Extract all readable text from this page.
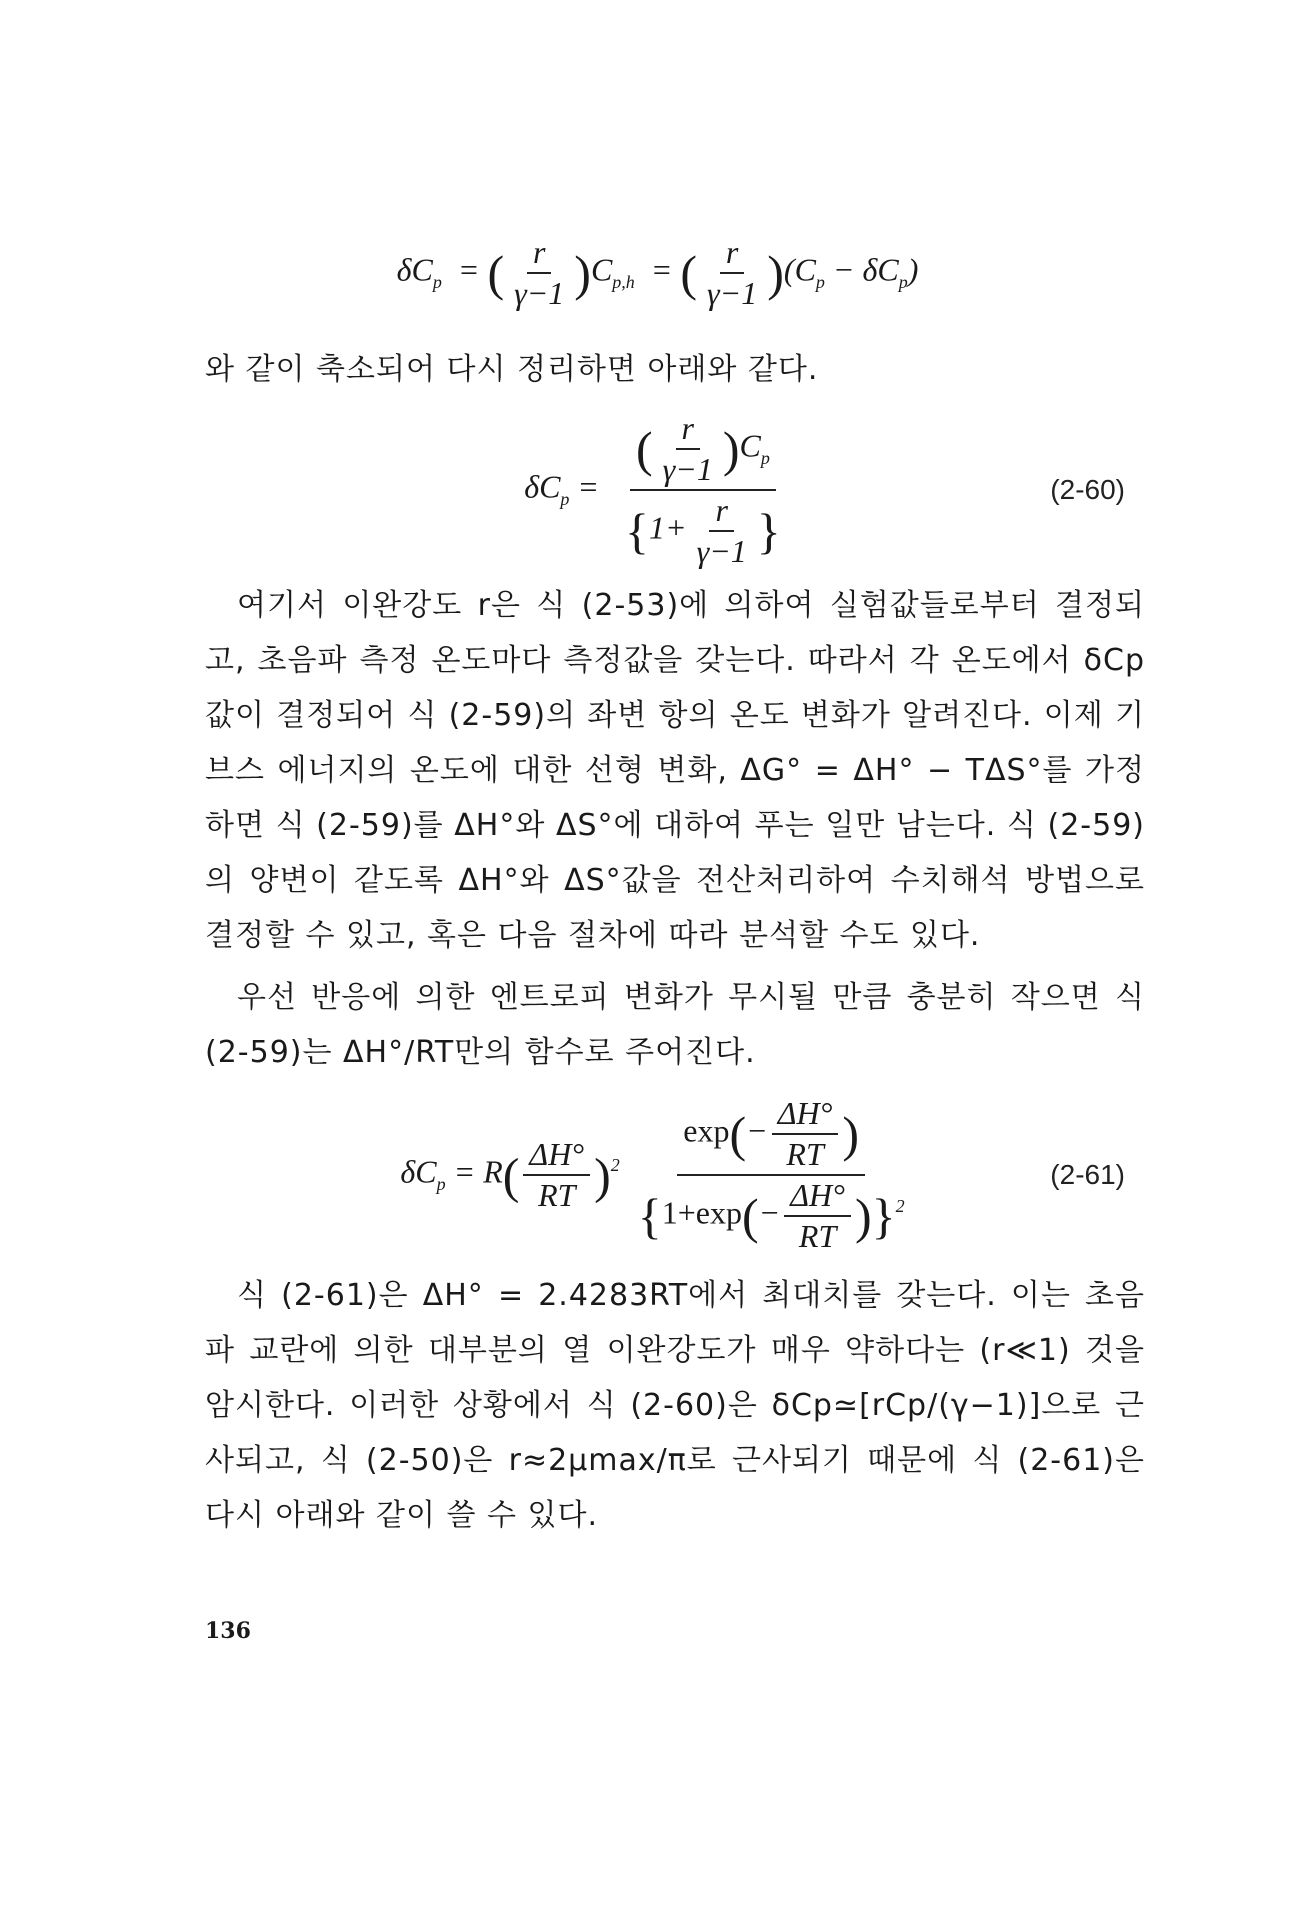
$\delta C_p$  = ( $\frac{r}{\gamma-1} )C_{p,h}$  = ( $\frac{r}{\gamma-1} )(C_p - \delta C_p)$

와 같이 축소되어 다시 정리하면 아래와 같다.

$\delta C_p = \frac{( \frac{r}{\gamma-1} )C_p}{\{1+ \frac{r}{\gamma-1} \}}$	(2-60)

여기서 이완강도 r은 식 (2-53)에 의하여 실험값들로부터 결정되고, 초음파 측정 온도마다 측정값을 갖는다. 따라서 각 온도에서 δCp 값이 결정되어 식 (2-59)의 좌변 항의 온도 변화가 알려진다. 이제 기브스 에너지의 온도에 대한 선형 변화, ΔG° = ΔH° − TΔS°를 가정하면 식 (2-59)를 ΔH°와 ΔS°에 대하여 푸는 일만 남는다. 식 (2-59)의 양변이 같도록 ΔH°와 ΔS°값을 전산처리하여 수치해석 방법으로 결정할 수 있고, 혹은 다음 절차에 따라 분석할 수도 있다.

우선 반응에 의한 엔트로피 변화가 무시될 만큼 충분히 작으면 식 (2-59)는 ΔH°/RT만의 함수로 주어진다.

$\delta C_p = R( \frac{\Delta H^\circ}{RT} )^2 \frac{\exp(- \frac{\Delta H^\circ}{RT} )}{\{1+\exp(- \frac{\Delta H^\circ}{RT} )\}^2}$	(2-61)

식 (2-61)은 ΔH° = 2.4283RT에서 최대치를 갖는다. 이는 초음파 교란에 의한 대부분의 열 이완강도가 매우 약하다는 (r≪1) 것을 암시한다. 이러한 상황에서 식 (2-60)은 δCp≃[rCp/(γ−1)]으로 근사되고, 식 (2-50)은 r≈2μmax/π로 근사되기 때문에 식 (2-61)은 다시 아래와 같이 쓸 수 있다.

136
